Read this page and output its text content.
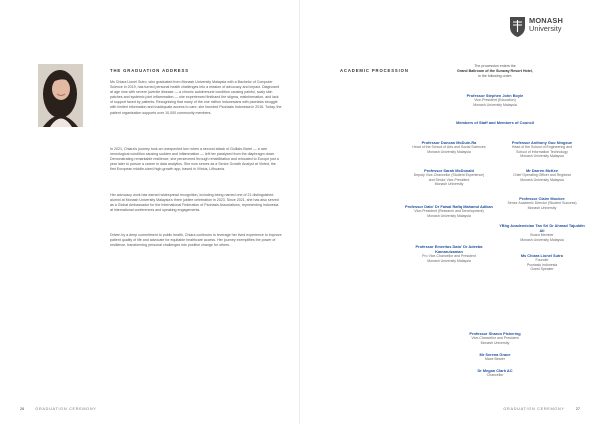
THE GRADUATION ADDRESS

Ms Chiara Lionel Sutro, who graduated from Monash University Malaysia with a Bachelor of Computer Science in 2019, has turned personal health challenges into a mission of advocacy and impact. Diagnosed at age nine with severe juvenile disease — a chronic autoimmune condition causing painful, scaly skin patches and systemic joint inflammation — she experienced firsthand the stigma, misinformation, and lack of support faced by patients. Recognising that many of the one million Indonesians with psoriasis struggle with limited information and inadequate access to care, she founded Psoriasis Indonesia in 2016. Today, the patient organisation supports over 10,000 community members.

In 2021, Chiara's journey took an unexpected turn when a second attack of Guillain-Barré — a rare neurological condition causing sudden and inflammation — left her paralysed from the diaphragm down. Demonstrating remarkable resilience, she persevered through rehabilitation and relocated to Europe just a year later to pursue a career in data analytics. She now serves as a Senior Growth Analyst at Vinted, the first European middle-sized high-growth app, based in Vilnius, Lithuania.

Her advocacy work has earned widespread recognition, including being named one of 21 distinguished alumni at Monash University Malaysia's three jubilee celebration in 2023. Since 2021, she has also served as a Global Ambassador for the International Federation of Psoriasis Associations, representing Indonesia at international conferences and speaking engagements.

Driven by a deep commitment to public health, Chiara continues to leverage her lived experience to improve patient quality of life and advocate for equitable healthcare access. Her journey exemplifies the power of resilience, transforming personal challenges into positive change for others.

26	GRADUATION CEREMONY
MONASH
University
ACADEMIC PROCESSION
The procession enters the
Grand Ballroom of the Sunway Resort Hotel,
in the following order:
Professor Stephen John Boyle
Vice-President (Education)
Monash University Malaysia
Members of Staff and Members of Council
Professor Duncan McDuie-Ra
Head of the School of Arts and Social Sciences
Monash University Malaysia
Professor Sarah McDonald
Deputy Vice-Chancellor (Student Experience)
and Senior Vice-President
Monash University
Professor Dato' Dr Faisal Rafiq Mahamd Adikan
Vice-President (Research and Development)
Monash University Malaysia
Professor Emeritus Dato' Dr Adeeba Kamarulzaman
Pro Vice-Chancellor and President
Monash University Malaysia
Professor Anthony Guo Ningxue
Head of the School of Engineering and
School of Information Technology
Monash University Malaysia
Mr Darren McKee
Chief Operating Officer and Registrar
Monash University Malaysia
Professor Claire Mockee
Senior Academic Director (Student Success)
Monash University
YBhg Academician Tan Sri Dr Ahmad Tajuddin Ali
Board Member
Monash University Malaysia
Ms Chiara Lionel Sutro
Founder
Psoriasis Indonesia
Guest Speaker
Professor Sharon Pickering
Vice-Chancellor and President
Monash University
Mr Serena Grace
Mace Bearer
Dr Megan Clark AC
Chancellor
GRADUATION CEREMONY	27
